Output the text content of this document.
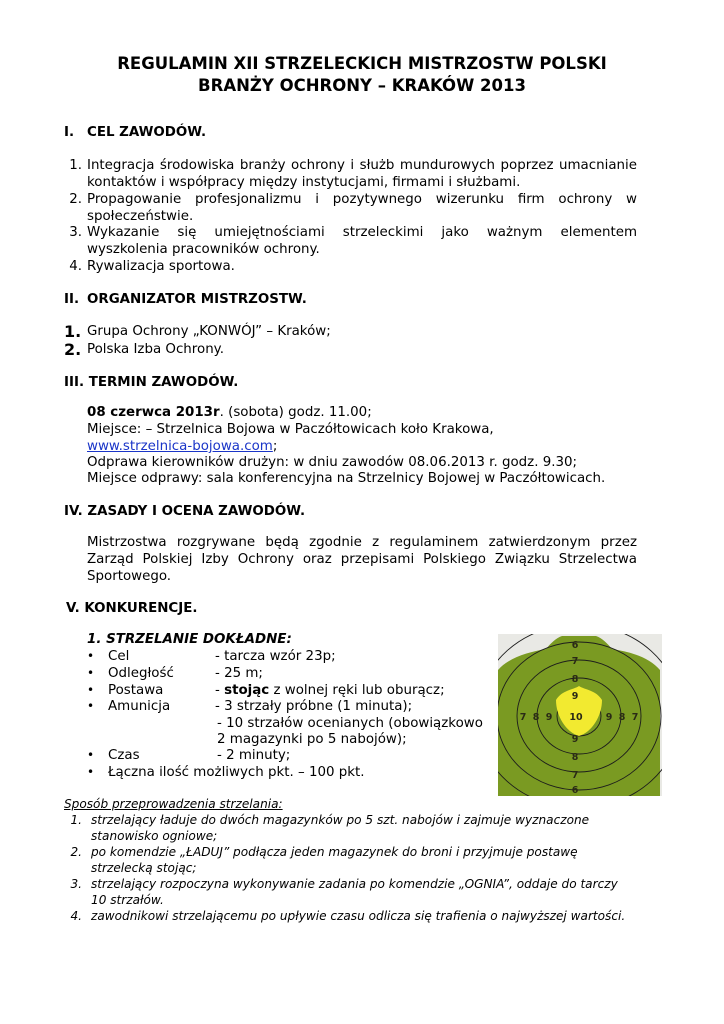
REGULAMIN XII STRZELECKICH MISTRZOSTW POLSKI
BRANŻY OCHRONY – KRAKÓW 2013
I. CEL ZAWODÓW.
1. Integracja środowiska branży ochrony i służb mundurowych poprzez umacnianie
kontaktów i współpracy między instytucjami, firmami i służbami.
2. Propagowanie profesjonalizmu i pozytywnego wizerunku firm ochrony w
społeczeństwie.
3. Wykazanie się umiejętnościami strzeleckimi jako ważnym elementem
wyszkolenia pracowników ochrony.
4. Rywalizacja sportowa.
II. ORGANIZATOR MISTRZOSTW.
1. Grupa Ochrony „KONWÓJ” – Kraków;
2. Polska Izba Ochrony.
III. TERMIN ZAWODÓW.
08 czerwca 2013r. (sobota) godz. 11.00;
Miejsce: – Strzelnica Bojowa w Paczółtowicach koło Krakowa,
www.strzelnica-bojowa.com;
Odprawa kierowników drużyn: w dniu zawodów 08.06.2013 r. godz. 9.30;
Miejsce odprawy: sala konferencyjna na Strzelnicy Bojowej w Paczółtowicach.
IV. ZASADY I OCENA ZAWODÓW.
Mistrzostwa rozgrywane będą zgodnie z regulaminem zatwierdzonym przez
Zarząd Polskiej Izby Ochrony oraz przepisami Polskiego Związku Strzelectwa
Sportowego.
V. KONKURENCJE.
1. STRZELANIE DOKŁADNE:
• Cel	- tarcza wzór 23p;
• Odległość	- 25 m;
• Postawa	- stojąc z wolnej ręki lub oburącz;
• Amunicja	- 3 strzały próbne (1 minuta);
- 10 strzałów ocenianych (obowiązkowo
2 magazynki po 5 nabojów);
• Czas	- 2 minuty;
• Łączna ilość możliwych pkt. – 100 pkt.
6
7
8
9
7 8 9 10 9 8 7
9
8
7
6
Sposób przeprowadzenia strzelania:
1. strzelający ładuje do dwóch magazynków po 5 szt. nabojów i zajmuje wyznaczone
stanowisko ogniowe;
2. po komendzie „ŁADUJ” podłącza jeden magazynek do broni i przyjmuje postawę
strzelecką stojąc;
3. strzelający rozpoczyna wykonywanie zadania po komendzie „OGNIA”, oddaje do tarczy
10 strzałów.
4. zawodnikowi strzelającemu po upływie czasu odlicza się trafienia o najwyższej wartości.
